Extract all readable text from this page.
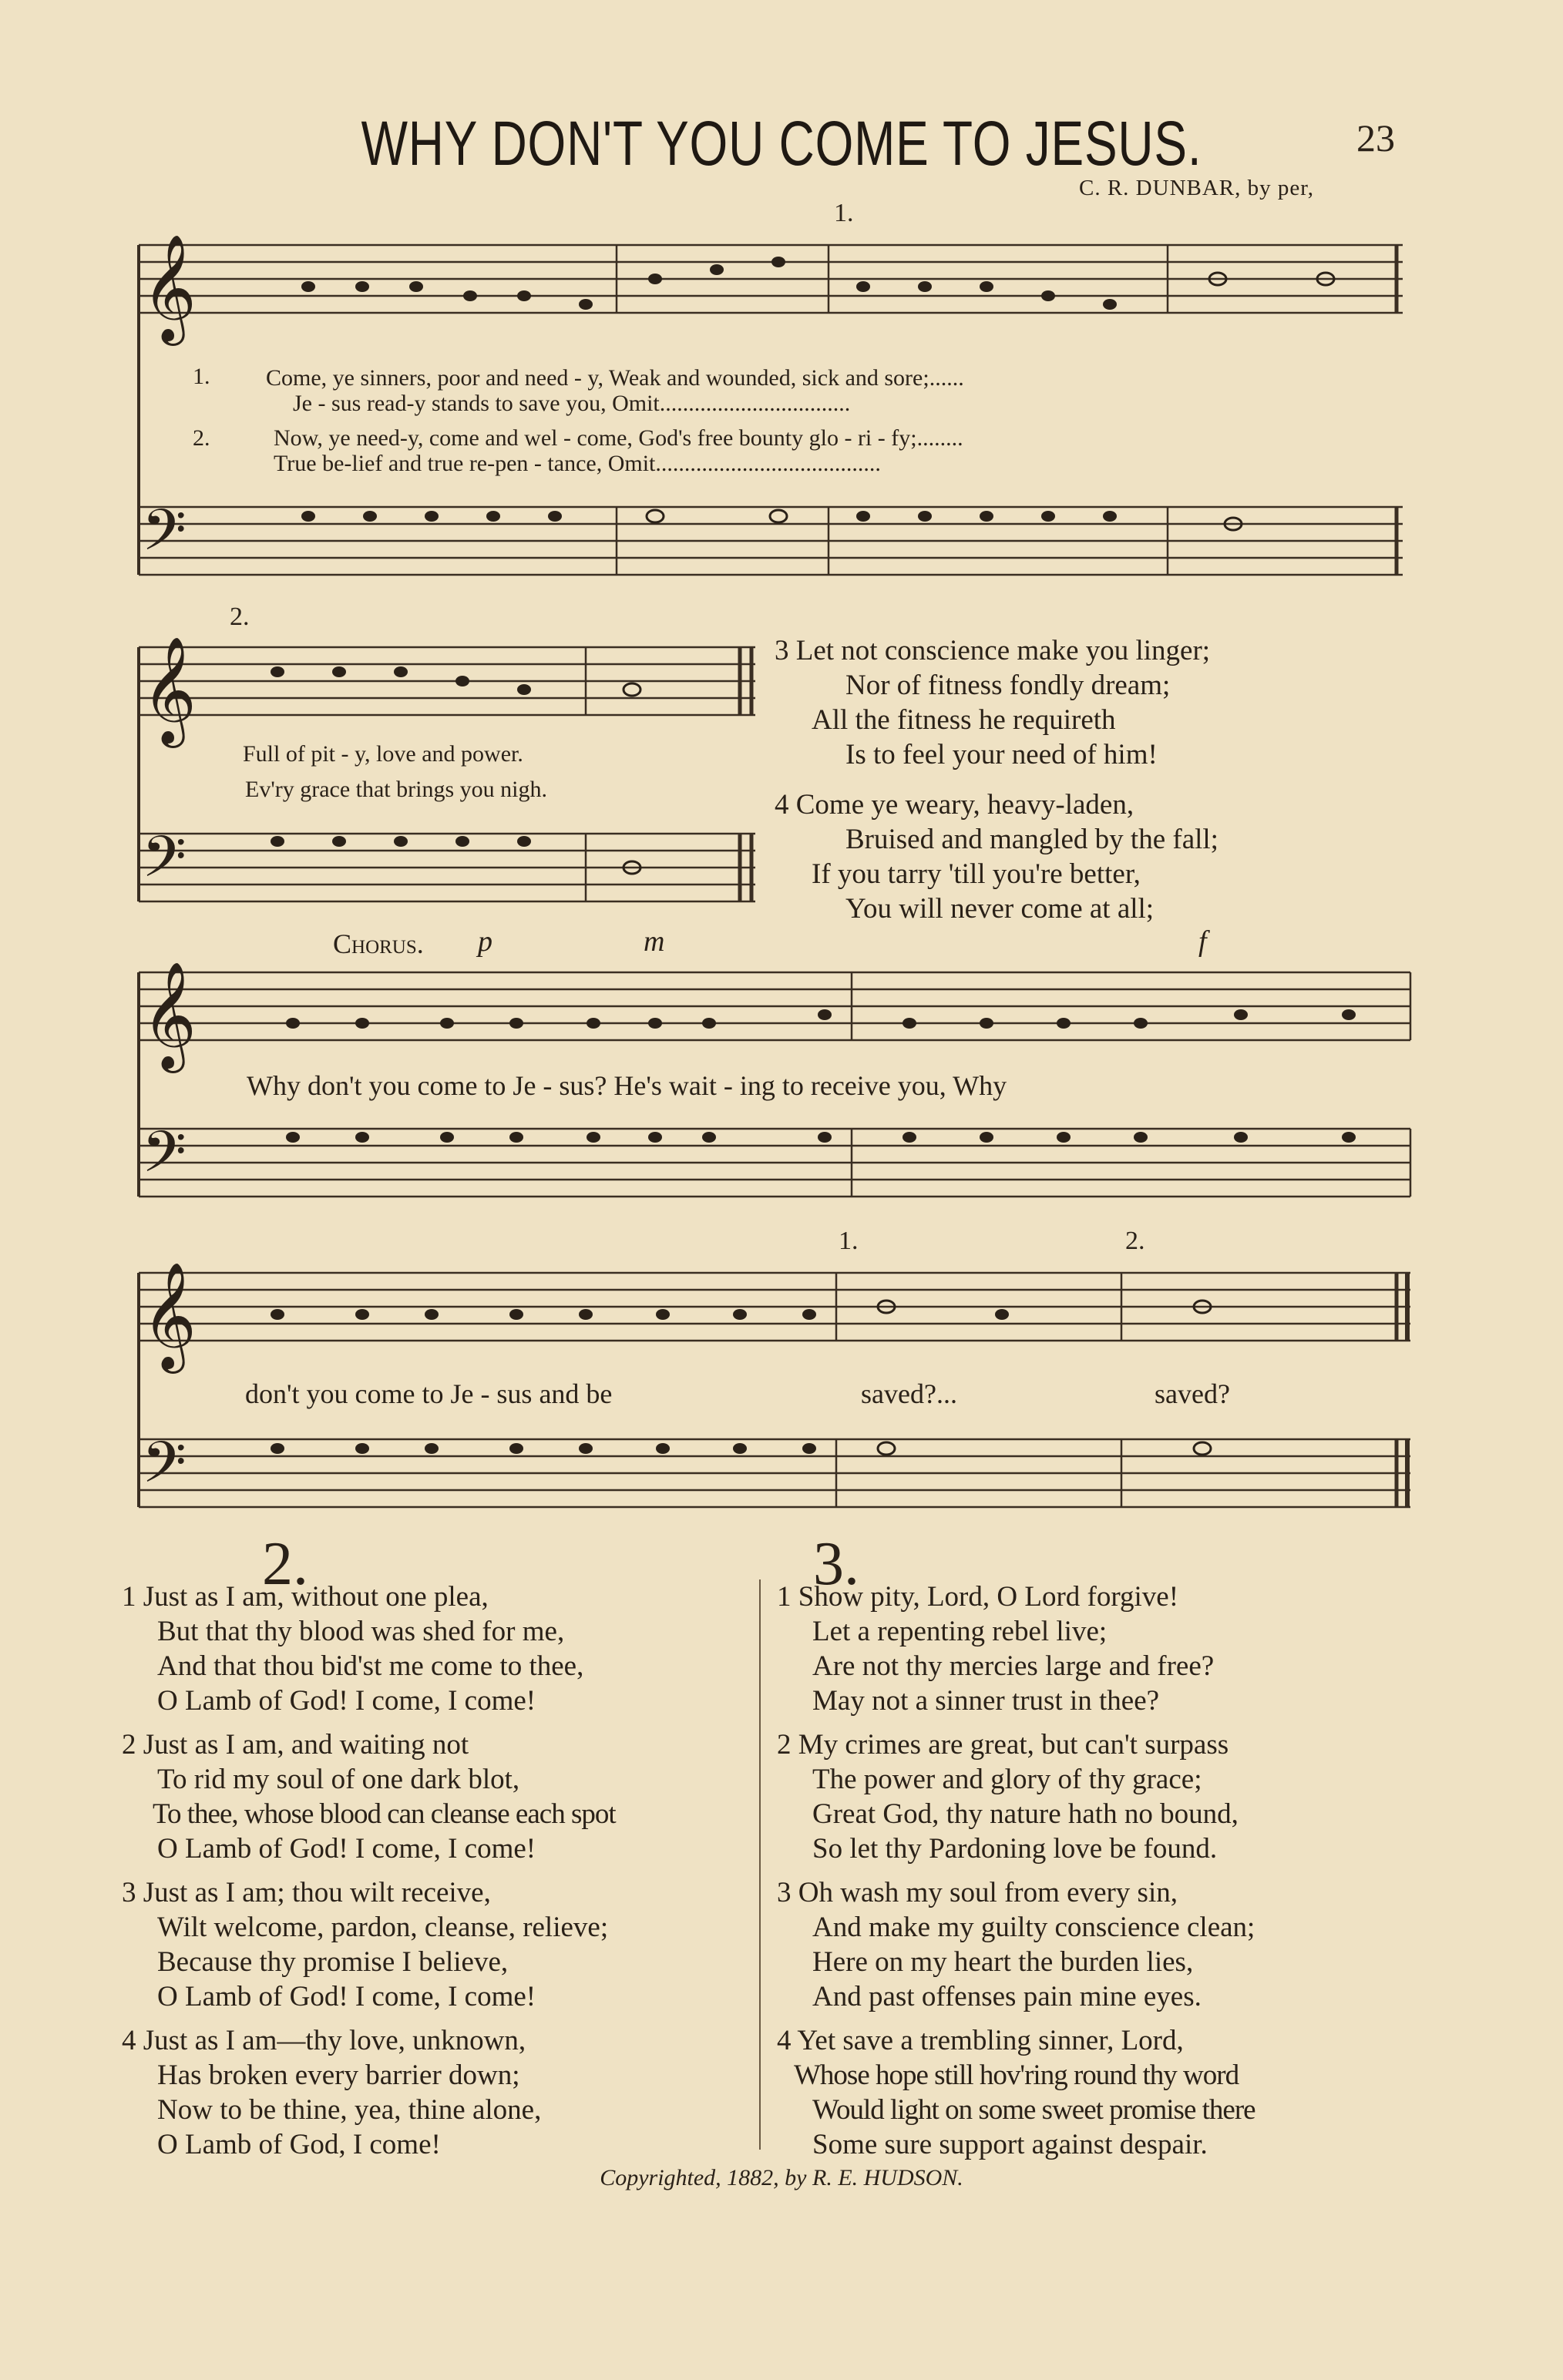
WHY DON'T YOU COME TO JESUS.	23
C. R. DUNBAR, by per,
𝄞
𝄢
𝄞
𝄢
𝄞
𝄢
𝄞
𝄢
1.
2.
1. Come, ye sinners, poor and need - y, Weak and wounded, sick and sore;......
Je - sus read-y stands to save you, Omit.................................
2.	Now, ye need-y, come and wel - come, God's free bounty glo - ri - fy;........
True be-lief and true re-pen - tance, Omit.......................................
Full of pit - y, love and power.
Ev'ry grace that brings you nigh.
3 Let not conscience make you linger;
Nor of fitness fondly dream;
All the fitness he requireth
Is to feel your need of him!
4 Come ye weary, heavy-laden,
Bruised and mangled by the fall;
If you tarry 'till you're better,
You will never come at all;
Chorus. p	m	f
Why don't you come to Je - sus? He's wait - ing to receive you, Why
don't you come to Je - sus and be	saved?...	saved?
1.	2.
2.
1 Just as I am, without one plea,
But that thy blood was shed for me,
And that thou bid'st me come to thee,
O Lamb of God! I come, I come!
2 Just as I am, and waiting not
To rid my soul of one dark blot,
To thee, whose blood can cleanse each spot
O Lamb of God! I come, I come!
3 Just as I am; thou wilt receive,
Wilt welcome, pardon, cleanse, relieve;
Because thy promise I believe,
O Lamb of God! I come, I come!
4 Just as I am—thy love, unknown,
Has broken every barrier down;
Now to be thine, yea, thine alone,
O Lamb of God, I come!
3.
1 Show pity, Lord, O Lord forgive!
Let a repenting rebel live;
Are not thy mercies large and free?
May not a sinner trust in thee?
2 My crimes are great, but can't surpass
The power and glory of thy grace;
Great God, thy nature hath no bound,
So let thy Pardoning love be found.
3 Oh wash my soul from every sin,
And make my guilty conscience clean;
Here on my heart the burden lies,
And past offenses pain mine eyes.
4 Yet save a trembling sinner, Lord,
Whose hope still hov'ring round thy word
Would light on some sweet promise there
Some sure support against despair.
Copyrighted, 1882, by R. E. HUDSON.
